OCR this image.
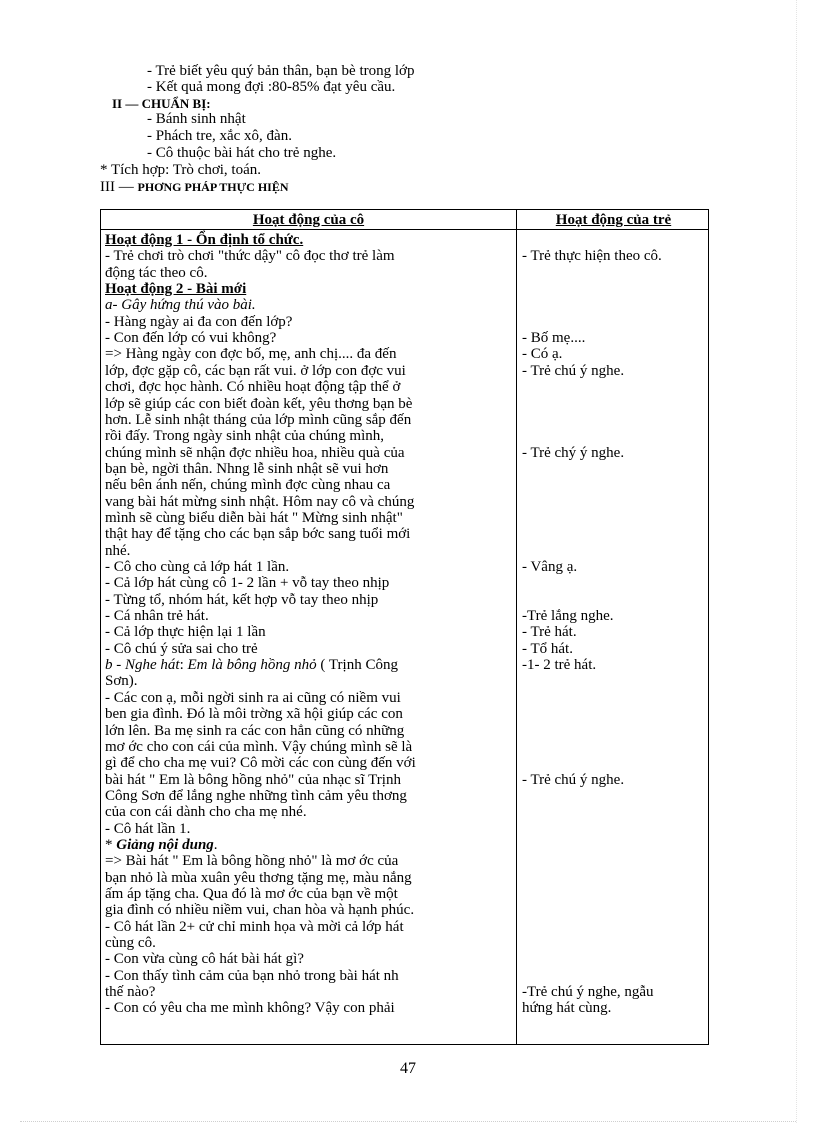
- Trẻ biết yêu quý bản thân, bạn bè trong lớp
- Kết quả mong đợi :80-85% đạt yêu cầu.
II — CHUẨN BỊ:
- Bánh sinh nhật
- Phách tre, xắc xô, đàn.
- Cô thuộc bài hát cho trẻ nghe.
* Tích hợp: Trò chơi, toán.
III — PHƠNG PHÁP THỰC HIỆN
Hoạt động của cô	Hoạt động của trẻ
Hoạt động 1 - Ổn định tổ chức.
- Trẻ chơi trò chơi "thức dậy" cô đọc thơ trẻ làm
động tác theo cô.
Hoạt động 2 - Bài mới
a- Gây hứng thú vào bài.
- Hàng ngày ai đa con đến lớp?
- Con đến lớp có vui không?
=> Hàng ngày con đợc bố, mẹ, anh chị.... đa đến
lớp, đợc gặp cô, các bạn rất vui. ở lớp con đợc vui
chơi, đợc học hành. Có nhiều hoạt động tập thể ở
lớp sẽ giúp các con biết đoàn kết, yêu thơng bạn bè
hơn. Lễ sinh nhật tháng của lớp mình cũng sắp đến
rồi đấy. Trong ngày sinh nhật của chúng mình,
chúng mình sẽ nhận đợc nhiều hoa, nhiều quà của
bạn bè, ngời thân. Nhng lễ sinh nhật sẽ vui hơn
nếu bên ánh nến, chúng mình đợc cùng nhau ca
vang bài hát mừng sinh nhật. Hôm nay cô và chúng
mình sẽ cùng biểu diễn bài hát " Mừng sinh nhật"
thật hay để tặng cho các bạn sắp bớc sang tuổi mới
nhé.
- Cô cho cùng cả lớp hát 1 lần.
- Cả lớp hát cùng cô 1- 2 lần + vỗ tay theo nhịp
- Từng tổ, nhóm hát, kết hợp vỗ tay theo nhịp
- Cá nhân trẻ hát.
- Cả lớp thực hiện lại 1 lần
- Cô chú ý sửa sai cho trẻ
b - Nghe hát: Em là bông hồng nhỏ ( Trịnh Công
Sơn).
- Các con ạ, mỗi ngời sinh ra ai cũng có niềm vui
ben gia đình. Đó là môi trờng xã hội giúp các con
lớn lên. Ba mẹ sinh ra các con hẳn cũng có những
mơ ớc cho con cái của mình. Vậy chúng mình sẽ là
gì để cho cha mẹ vui? Cô mời các con cùng đến với
bài hát " Em là bông hồng nhỏ" của nhạc sĩ Trịnh
Công Sơn để lắng nghe những tình cảm yêu thơng
của con cái dành cho cha mẹ nhé.
- Cô hát lần 1.
* Giảng nội dung.
=> Bài hát " Em là bông hồng nhỏ" là mơ ớc của
bạn nhỏ là mùa xuân yêu thơng tặng mẹ, màu nắng
ấm áp tặng cha. Qua đó là mơ ớc của bạn về một
gia đình có nhiều niềm vui, chan hòa và hạnh phúc.
- Cô hát lần 2+ cử chỉ minh họa và mời cả lớp hát
cùng cô.
- Con vừa cùng cô hát bài hát gì?
- Con thấy tình cảm của bạn nhỏ trong bài hát nh
thế nào?
- Con có yêu cha me mình không? Vậy con phải
- Trẻ thực hiện theo cô.
- Bố mẹ....
- Có ạ.
- Trẻ chú ý nghe.
- Trẻ chý ý nghe.
- Vâng ạ.
-Trẻ lắng nghe.
- Trẻ hát.
- Tổ hát.
-1- 2 trẻ hát.
- Trẻ chú ý nghe.
-Trẻ chú ý nghe, ngẫu
hứng hát cùng.
47
